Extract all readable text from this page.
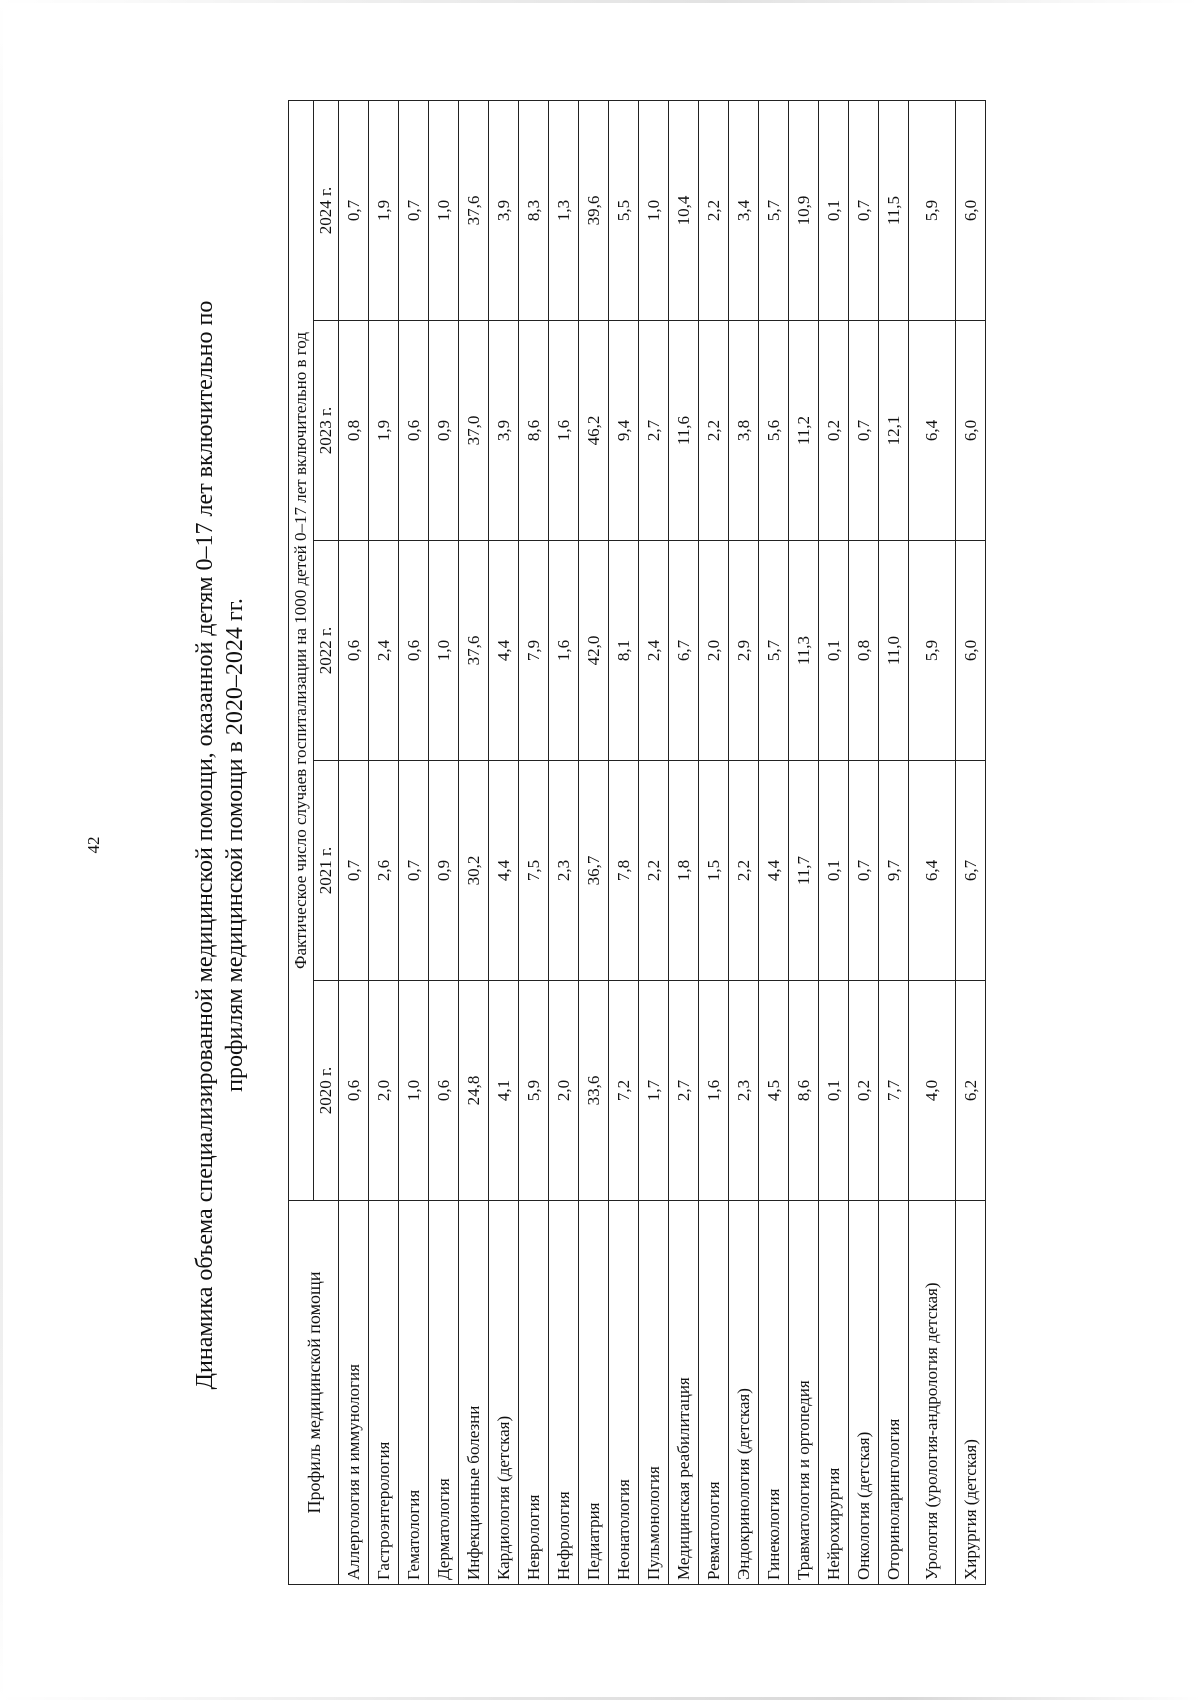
42	Динамика объема специализированной медицинской помощи, оказанной детям 0–17 лет включительно по профилям медицинской помощи в 2020–2024 гг.
Профиль медицинской помощи	Фактическое число случаев госпитализации на 1000 детей 0–17 лет включительно в год				
	2020 г.	2021 г.	2022 г.	2023 г.	2024 г.
Аллергология и иммунология	0,6	0,7	0,6	0,8	0,7
Гастроэнтерология	2,0	2,6	2,4	1,9	1,9
Гематология	1,0	0,7	0,6	0,6	0,7
Дерматология	0,6	0,9	1,0	0,9	1,0
Инфекционные болезни	24,8	30,2	37,6	37,0	37,6
Кардиология (детская)	4,1	4,4	4,4	3,9	3,9
Неврология	5,9	7,5	7,9	8,6	8,3
Нефрология	2,0	2,3	1,6	1,6	1,3
Педиатрия	33,6	36,7	42,0	46,2	39,6
Неонатология	7,2	7,8	8,1	9,4	5,5
Пульмонология	1,7	2,2	2,4	2,7	1,0
Медицинская реабилитация	2,7	1,8	6,7	11,6	10,4
Ревматология	1,6	1,5	2,0	2,2	2,2
Эндокринология (детская)	2,3	2,2	2,9	3,8	3,4
Гинекология	4,5	4,4	5,7	5,6	5,7
Травматология и ортопедия	8,6	11,7	11,3	11,2	10,9
Нейрохирургия	0,1	0,1	0,1	0,2	0,1
Онкология (детская)	0,2	0,7	0,8	0,7	0,7
Оториноларингология	7,7	9,7	11,0	12,1	11,5
Урология (урология-андрология детская)	4,0	6,4	5,9	6,4	5,9
Хирургия (детская)	6,2	6,7	6,0	6,0	6,0
